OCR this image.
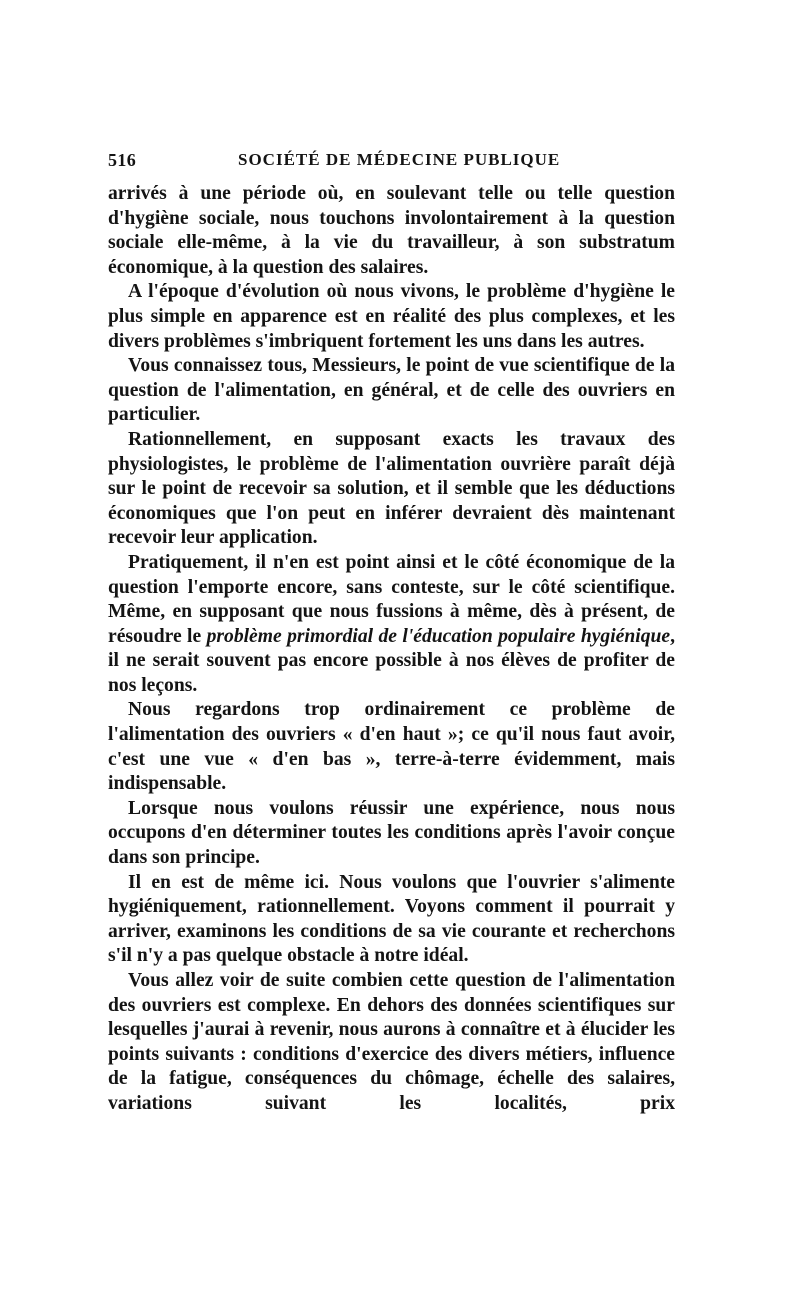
516	SOCIÉTÉ DE MÉDECINE PUBLIQUE

arrivés à une période où, en soulevant telle ou telle question d'hygiène sociale, nous touchons involontairement à la question sociale elle-même, à la vie du travailleur, à son substratum économique, à la question des salaires.

A l'époque d'évolution où nous vivons, le problème d'hygiène le plus simple en apparence est en réalité des plus complexes, et les divers problèmes s'imbriquent fortement les uns dans les autres.

Vous connaissez tous, Messieurs, le point de vue scientifique de la question de l'alimentation, en général, et de celle des ouvriers en particulier.

Rationnellement, en supposant exacts les travaux des physiologistes, le problème de l'alimentation ouvrière paraît déjà sur le point de recevoir sa solution, et il semble que les déductions économiques que l'on peut en inférer devraient dès maintenant recevoir leur application.

Pratiquement, il n'en est point ainsi et le côté économique de la question l'emporte encore, sans conteste, sur le côté scientifique. Même, en supposant que nous fussions à même, dès à présent, de résoudre le problème primordial de l'éducation populaire hygiénique, il ne serait souvent pas encore possible à nos élèves de profiter de nos leçons.

Nous regardons trop ordinairement ce problème de l'alimentation des ouvriers « d'en haut »; ce qu'il nous faut avoir, c'est une vue « d'en bas », terre-à-terre évidemment, mais indispensable.

Lorsque nous voulons réussir une expérience, nous nous occupons d'en déterminer toutes les conditions après l'avoir conçue dans son principe.

Il en est de même ici. Nous voulons que l'ouvrier s'alimente hygiéniquement, rationnellement. Voyons comment il pourrait y arriver, examinons les conditions de sa vie courante et recherchons s'il n'y a pas quelque obstacle à notre idéal.

Vous allez voir de suite combien cette question de l'alimentation des ouvriers est complexe. En dehors des données scientifiques sur lesquelles j'aurai à revenir, nous aurons à connaître et à élucider les points suivants : conditions d'exercice des divers métiers, influence de la fatigue, conséquences du chômage, échelle des salaires, variations suivant les localités, prix
